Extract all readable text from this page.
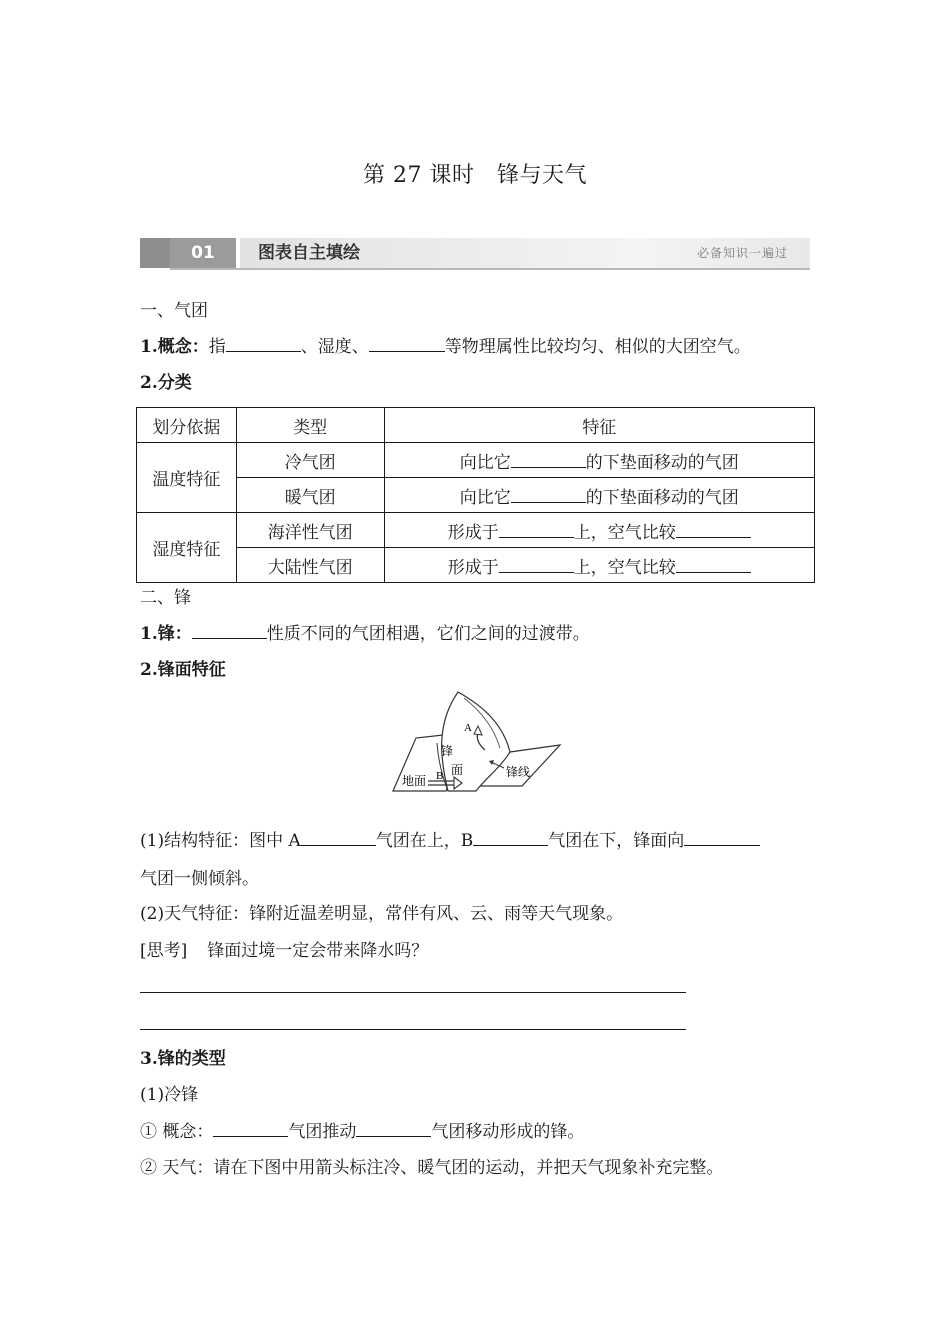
第 27 课时　锋与天气
01	图表自主填绘	必备知识一遍过
一、气团
1.概念：指	、湿度、	等物理属性比较均匀、相似的大团空气。
2.分类
划分依据	类型	特征
温度特征	冷气团	向比它 的下垫面移动的气团
	暖气团	向比它 的下垫面移动的气团
湿度特征	海洋性气团	形成于 上，空气比较
	大陆性气团	形成于 上，空气比较
二、锋
1.锋：	性质不同的气团相遇，它们之间的过渡带。
2.锋面特征
A
B
锋
面
地面
锋线
(1)结构特征：图中 A	气团在上，B	气团在下，锋面向
气团一侧倾斜。
(2)天气特征：锋附近温差明显，常伴有风、云、雨等天气现象。
[思考] 锋面过境一定会带来降水吗？
3.锋的类型
(1)冷锋
① 概念：	气团推动	气团移动形成的锋。
② 天气：请在下图中用箭头标注冷、暖气团的运动，并把天气现象补充完整。
